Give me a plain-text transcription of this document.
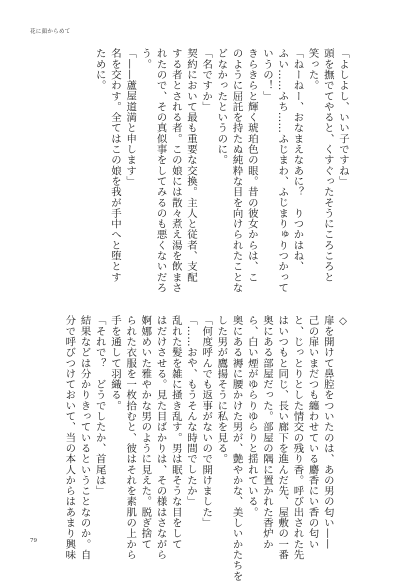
花に顔からめて
「よしよし、いい子ですね」
頭を撫でてやると、くすぐったそうにころころと
笑った。
「ねーねー、おなまえなあに？　りつかはね、
ふい……ふち……ふじまわ、ふじまりゅりつかって
いうの！」
きらきらと輝く琥珀色の眼。昔の彼女からは、こ
のように屈託を持たぬ純粋な目を向けられたことな
どなかったというのに。
「名ですか」
契約において最も重要な交換。主人と従者、支配
する者とされる者。この娘には散々煮え湯を飲まさ
れたので、その真似事をしてみるのも悪くないだろ
う。
「——蘆屋道満と申します」
名を交わす。全てはこの娘を我が手中へと堕とす
ために。
◇
扉を開けて鼻腔をついたのは、あの男の匂い——
己の扉いまだつも纏わせている麝香にい香の匂い
と、じっとりとした情交の残り香。呼び出された先
はいつもと同じ、長い廊下を進んだ先、屋敷の一番
奥にある部屋だった。部屋の隅に置かれた香炉か
ら、白い煙がゆらりゆらりと揺れている。
奥にある褥に腰かけた男が、艶やかな、美しいかたちを
した男が鷹揚そうに私を見る。
「何度呼んでも返事がないので開けました」
「……おや、もうそんな時間でしたか」
乱れた髪を雑に掻き乱す。男は眠そうな目をして
はだけさせる。見た目ばかりは、その様はさながら
婀娜めいた雅やかな男のように見えた。脱ぎ捨て
られた衣服を一枚拾むと、彼はそれを素肌の上から
手を通して羽織る。
「それで？　どうでしたか、首尾は」
結果などは分かりきっているということなのか。自
分で呼びつけておいて、当の本人からはあまり興味
79
